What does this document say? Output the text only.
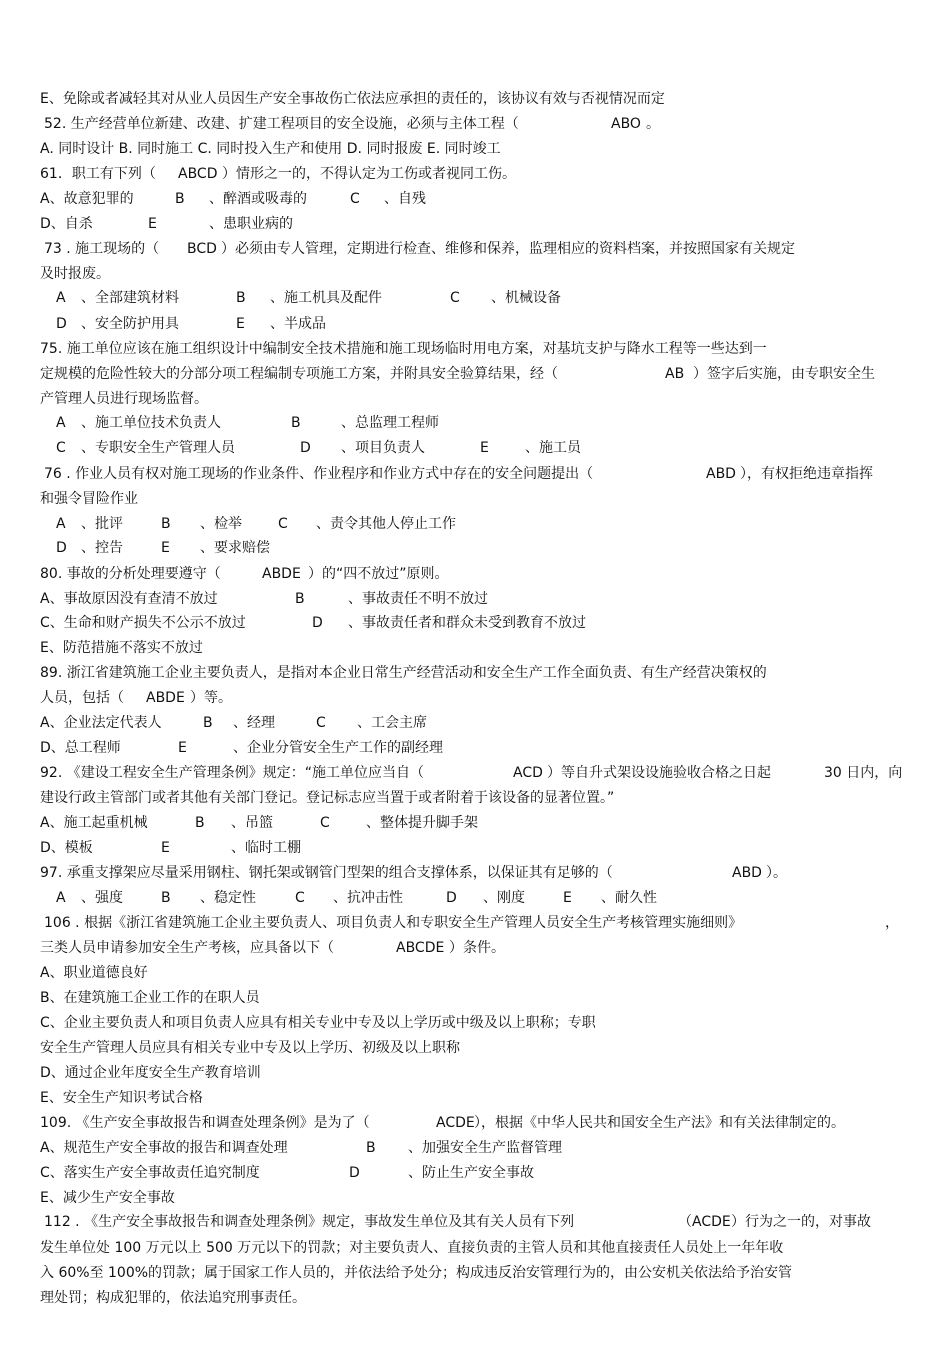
E、免除或者减轻其对从业人员因生产安全事故伤亡依法应承担的责任的，该协议有效与否视情况而定
52. 生产经营单位新建、改建、扩建工程项目的安全设施，必须与主体工程（	ABO 。
A. 同时设计 B. 同时施工 C. 同时投入生产和使用 D. 同时报废 E. 同时竣工
61．职工有下列（ ABCD ）情形之一的，不得认定为工伤或者视同工伤。
A、故意犯罪的	B 、醉酒或吸毒的	C 、自残
D、自杀	E	、患职业病的
73 . 施工现场的（ BCD ）必须由专人管理，定期进行检查、维修和保养，监理相应的资料档案，并按照国家有关规定
及时报废。
A 、全部建筑材料	B 、施工机具及配件	C 、机械设备
D 、安全防护用具	E 、半成品
75. 施工单位应该在施工组织设计中编制安全技术措施和施工现场临时用电方案，对基坑支护与降水工程等一些达到一
定规模的危险性较大的分部分项工程编制专项施工方案，并附具安全验算结果，经（	AB ）签字后实施，由专职安全生
产管理人员进行现场监督。
A 、施工单位技术负责人	B	、总监理工程师
C 、专职安全生产管理人员	D 、项目负责人	E	、施工员
76 . 作业人员有权对施工现场的作业条件、作业程序和作业方式中存在的安全问题提出（	ABD ），有权拒绝违章指挥
和强令冒险作业
A 、批评	B 、检举	C 、责令其他人停止工作
D 、控告	E 、要求赔偿
80. 事故的分析处理要遵守（	ABDE ）的“四不放过”原则。
A、事故原因没有查清不放过	B	、事故责任不明不放过
C、生命和财产损失不公示不放过	D 、事故责任者和群众未受到教育不放过
E、防范措施不落实不放过
89. 浙江省建筑施工企业主要负责人，是指对本企业日常生产经营活动和安全生产工作全面负责、有生产经营决策权的
人员，包括（ ABDE ）等。
A、企业法定代表人	B 、经理	C 、工会主席
D、总工程师	E	、企业分管安全生产工作的副经理
92. 《建设工程安全生产管理条例》规定：“施工单位应当自（	ACD ）等自升式架设设施验收合格之日起	30 日内，向
建设行政主管部门或者其他有关部门登记。登记标志应当置于或者附着于该设备的显著位置。”
A、施工起重机械	B 、吊篮	C	、整体提升脚手架
D、模板	E	、临时工棚
97. 承重支撑架应尽量采用钢柱、钢托架或钢管门型架的组合支撑体系，以保证其有足够的（	ABD ）。
A 、强度	B 、稳定性	C 、抗冲击性	D 、刚度	E 、耐久性
106 . 根据《浙江省建筑施工企业主要负责人、项目负责人和专职安全生产管理人员安全生产考核管理实施细则》	，
三类人员申请参加安全生产考核，应具备以下（	ABCDE ）条件。
A、职业道德良好
B、在建筑施工企业工作的在职人员
C、企业主要负责人和项目负责人应具有相关专业中专及以上学历或中级及以上职称；专职
安全生产管理人员应具有相关专业中专及以上学历、初级及以上职称
D、通过企业年度安全生产教育培训
E、安全生产知识考试合格
109. 《生产安全事故报告和调查处理条例》是为了（	ACDE ），根据《中华人民共和国安全生产法》和有关法律制定的。
A、规范生产安全事故的报告和调查处理	B 、加强安全生产监督管理
C、落实生产安全事故责任追究制度	D	、防止生产安全事故
E、减少生产安全事故
112 . 《生产安全事故报告和调查处理条例》规定，事故发生单位及其有关人员有下列	（ACDE ）行为之一的，对事故
发生单位处 100 万元以上 500 万元以下的罚款；对主要负责人、直接负责的主管人员和其他直接责任人员处上一年年收
入 60%至 100%的罚款；属于国家工作人员的，并依法给予处分；构成违反治安管理行为的，由公安机关依法给予治安管
理处罚；构成犯罪的，依法追究刑事责任。
